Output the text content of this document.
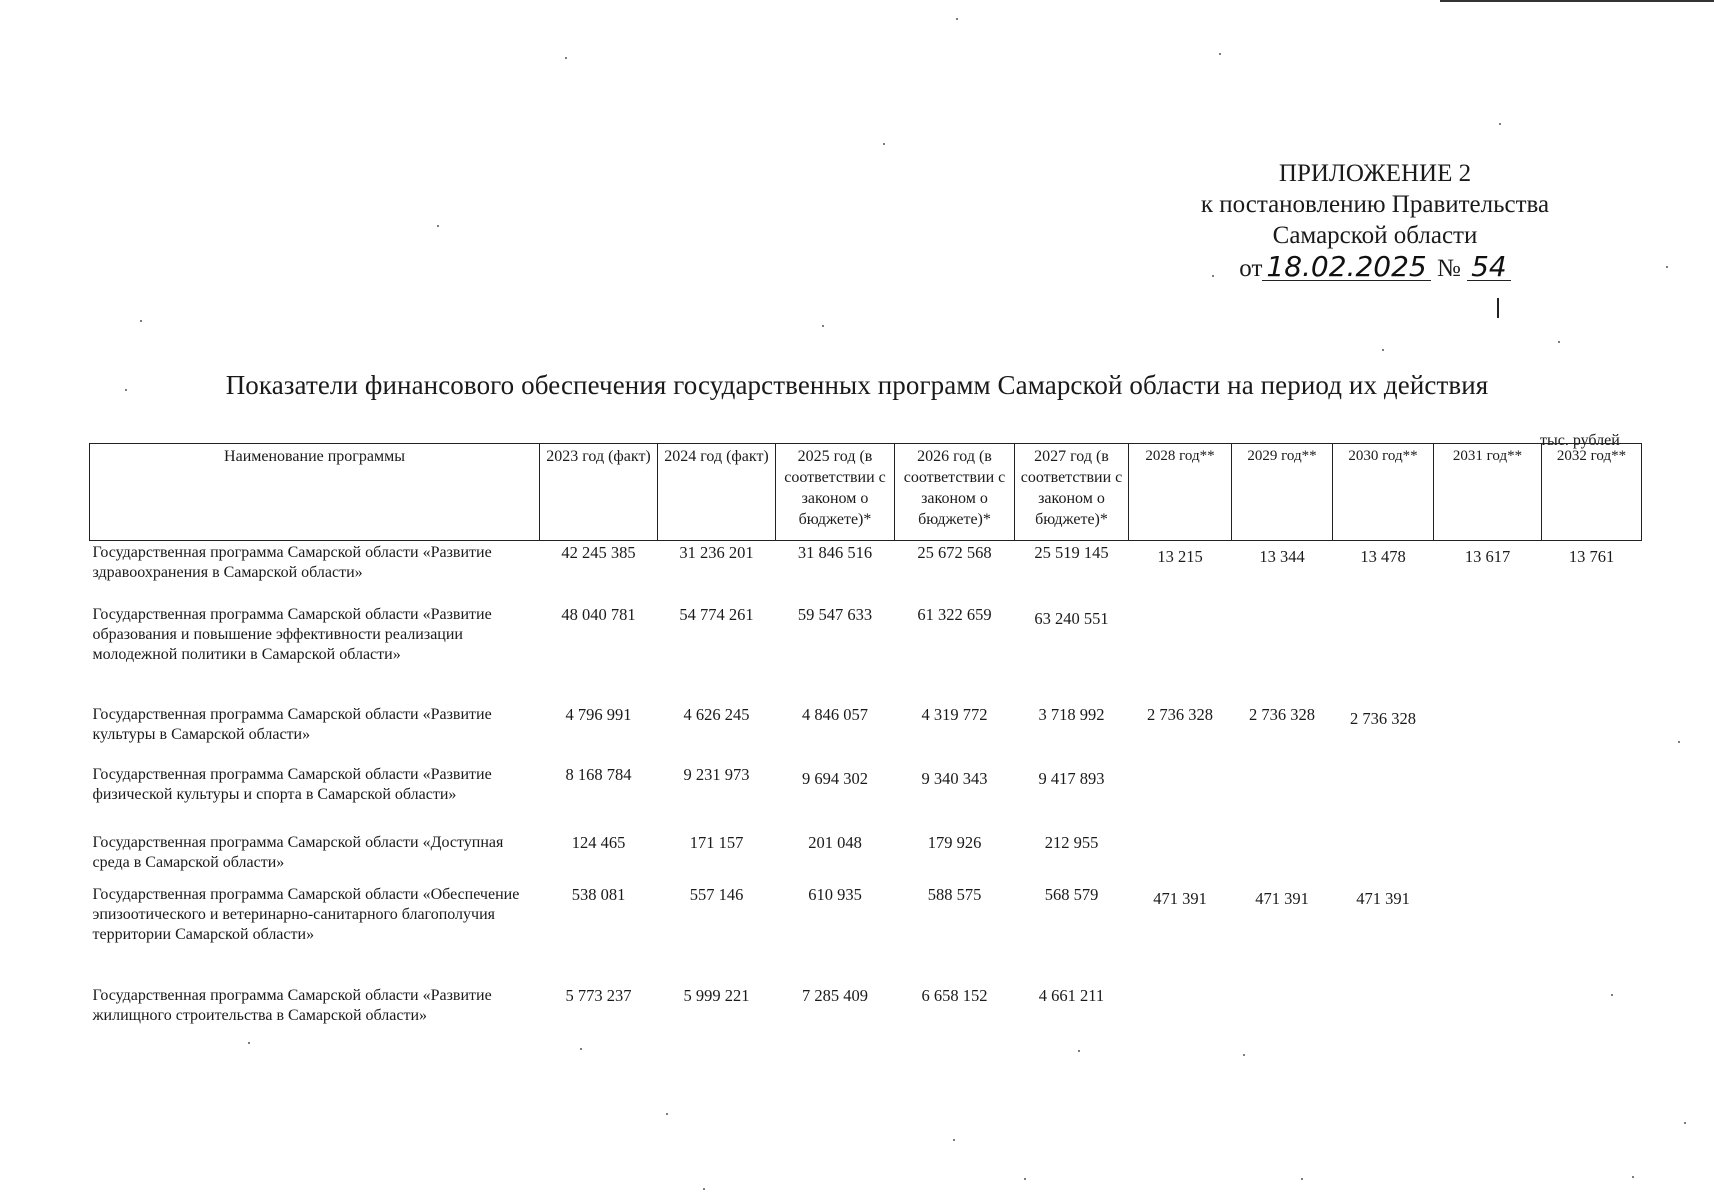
ПРИЛОЖЕНИЕ 2
к постановлению Правительства
Самарской области
от 18.02.2025 № 54
Показатели финансового обеспечения государственных программ Самарской области на период их действия
тыс. рублей
Наименование программы	2023 год (факт)	2024 год (факт)	2025 год (в соответствии с законом о бюджете)*	2026 год (в соответствии с законом о бюджете)*	2027 год (в соответствии с законом о бюджете)*	2028 год**	2029 год**	2030 год**	2031 год**	2032 год**
Государственная программа Самарской области «Развитие здравоохранения в Самарской области»	42 245 385	31 236 201	31 846 516	25 672 568	25 519 145	13 215	13 344	13 478	13 617	13 761
Государственная программа Самарской области «Развитие образования и повышение эффективности реализации молодежной политики в Самарской области»	48 040 781	54 774 261	59 547 633	61 322 659	63 240 551					
Государственная программа Самарской области «Развитие культуры в Самарской области»	4 796 991	4 626 245	4 846 057	4 319 772	3 718 992	2 736 328	2 736 328	2 736 328		
Государственная программа Самарской области «Развитие физической культуры и спорта в Самарской области»	8 168 784	9 231 973	9 694 302	9 340 343	9 417 893					
Государственная программа Самарской области «Доступная среда в Самарской области»	124 465	171 157	201 048	179 926	212 955					
Государственная программа Самарской области «Обеспечение эпизоотического и ветеринарно-санитарного благополучия территории Самарской области»	538 081	557 146	610 935	588 575	568 579	471 391	471 391	471 391		
Государственная программа Самарской области «Развитие жилищного строительства в Самарской области»	5 773 237	5 999 221	7 285 409	6 658 152	4 661 211					
